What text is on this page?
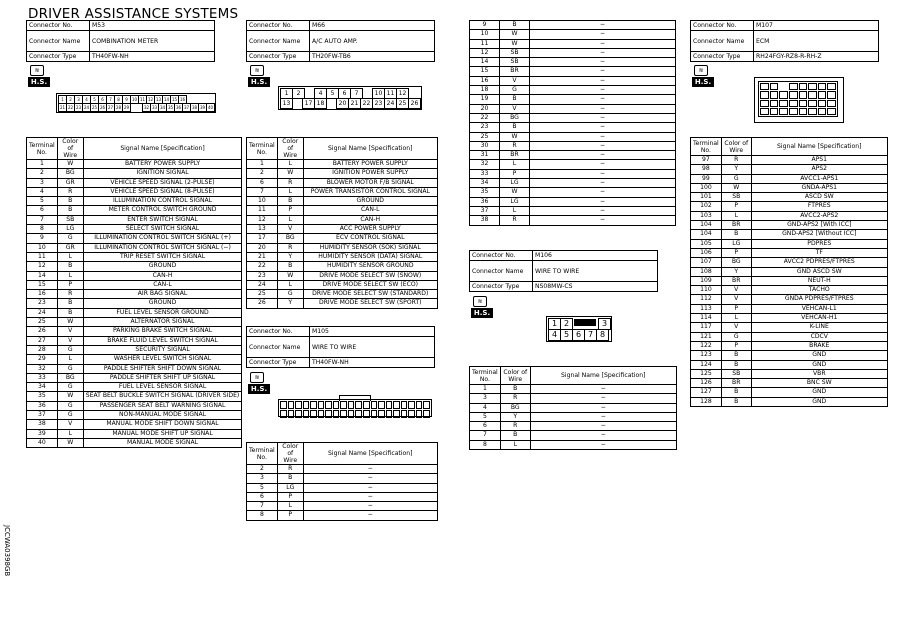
DRIVER ASSISTANCE SYSTEMS
JCCWA0398GB
Connector No.	M53
Connector Name	COMBINATION METER
Connector Type	TH40FW-NH
≋
H.S.
1	2	3	4	5	6	7	8	9	10 11 12 13 14 15 16
21 22 23 24 25 26 27 28 29	32 33 34 35 36 37 38 39 40
Terminal No.	Color of Wire	Signal Name [Specification]
1	W	BATTERY POWER SUPPLY
2	BG	IGNITION SIGNAL
3	GR	VEHICLE SPEED SIGNAL (2-PULSE)
4	R	VEHICLE SPEED SIGNAL (8-PULSE)
5	B	ILLUMINATION CONTROL SIGNAL
6	B	METER CONTROL SWITCH GROUND
7	SB	ENTER SWITCH SIGNAL
8	LG	SELECT SWITCH SIGNAL
9	G	ILLUMINATION CONTROL SWITCH SIGNAL (+)
10	GR	ILLUMINATION CONTROL SWITCH SIGNAL (−)
11	L	TRIP RESET SWITCH SIGNAL
12	B	GROUND
14	L	CAN-H
15	P	CAN-L
16	R	AIR BAG SIGNAL
23	B	GROUND
24	B	FUEL LEVEL SENSOR GROUND
25	W	ALTERNATOR SIGNAL
26	V	PARKING BRAKE SWITCH SIGNAL
27	V	BRAKE FLUID LEVEL SWITCH SIGNAL
28	G	SECURITY SIGNAL
29	L	WASHER LEVEL SWITCH SIGNAL
32	G	PADDLE SHIFTER SHIFT DOWN SIGNAL
33	BG	PADDLE SHIFTER SHIFT UP SIGNAL
34	G	FUEL LEVEL SENSOR SIGNAL
35	W	SEAT BELT BUCKLE SWITCH SIGNAL (DRIVER SIDE)
36	G	PASSENGER SEAT BELT WARNING SIGNAL
37	G	NON-MANUAL MODE SIGNAL
38	V	MANUAL MODE SHIFT DOWN SIGNAL
39	L	MANUAL MODE SHIFT UP SIGNAL
40	W	MANUAL MODE SIGNAL
Connector No.	M66
Connector Name	A/C AUTO AMP.
Connector Type	TH20FW-TB6
≋
H.S.
1	2	4	5	6	7	10 11 12
13	17 18	20 21 22 23 24 25 26
Terminal No.	Color of Wire	Signal Name [Specification]
1	L	BATTERY POWER SUPPLY
2	W	IGNITION POWER SUPPLY
6	R	BLOWER MOTOR F/B SIGNAL
7	L	POWER TRANSISTOR CONTROL SIGNAL
10	B	GROUND
11	P	CAN-L
12	L	CAN-H
13	V	ACC POWER SUPPLY
17	BG	ECV CONTROL SIGNAL
20	R	HUMIDITY SENSOR (SOK) SIGNAL
21	Y	HUMIDITY SENSOR (DATA) SIGNAL
22	B	HUMIDITY SENSOR GROUND
23	W	DRIVE MODE SELECT SW (SNOW)
24	L	DRIVE MODE SELECT SW (ECO)
25	G	DRIVE MODE SELECT SW (STANDARD)
26	Y	DRIVE MODE SELECT SW (SPORT)
Connector No.	M105
Connector Name	WIRE TO WIRE
Connector Type	TH40FW-NH
≋
H.S.
Terminal No.	Color of Wire	Signal Name [Specification]
2	R	−
3	B	−
5	LG	−
6	P	−
7	L	−
8	P	−
9	B	−
10	W	−
11	W	−
12	SB	−
14	SB	−
15	BR	−
16	V	−
18	G	−
19	B	−
20	V	−
22	BG	−
23	B	−
25	W	−
30	R	−
31	BR	−
32	L	−
33	P	−
34	LG	−
35	W	−
36	LG	−
37	L	−
38	R	−
Connector No.	M106
Connector Name	WIRE TO WIRE
Connector Type	NS08MW-CS
≋
H.S.
1 2	3
4 5 6 7 8
Terminal No.	Color of Wire	Signal Name [Specification]
1	B	−
3	R	−
4	BG	−
5	Y	−
6	R	−
7	B	−
8	L	−
Connector No.	M107
Connector Name	ECM
Connector Type	RH24FGY-RZ8-R-RH-Z
≋
H.S.
Terminal No.	Color of Wire	Signal Name [Specification]
97	R	APS1
98	Y	APS2
99	G	AVCC1-APS1
100	W	GNDA-APS1
101	SB	ASCD SW
102	P	FTPRES
103	L	AVCC2-APS2
104	BR	GND-APS2 [With ICC]
104	B	GND-APS2 [Without ICC]
105	LG	PDPRES
106	P	TF
107	BG	AVCC2 PDPRES/FTPRES
108	Y	GND ASCD SW
109	BR	NEUT-H
110	V	TACHO
112	V	GNDA PDPRES/FTPRES
113	P	VEHCAN-L1
114	L	VEHCAN-H1
117	V	K-LINE
121	G	CDCV
122	P	BRAKE
123	B	GND
124	B	GND
125	SB	VBR
126	BR	BNC SW
127	B	GND
128	B	GND
